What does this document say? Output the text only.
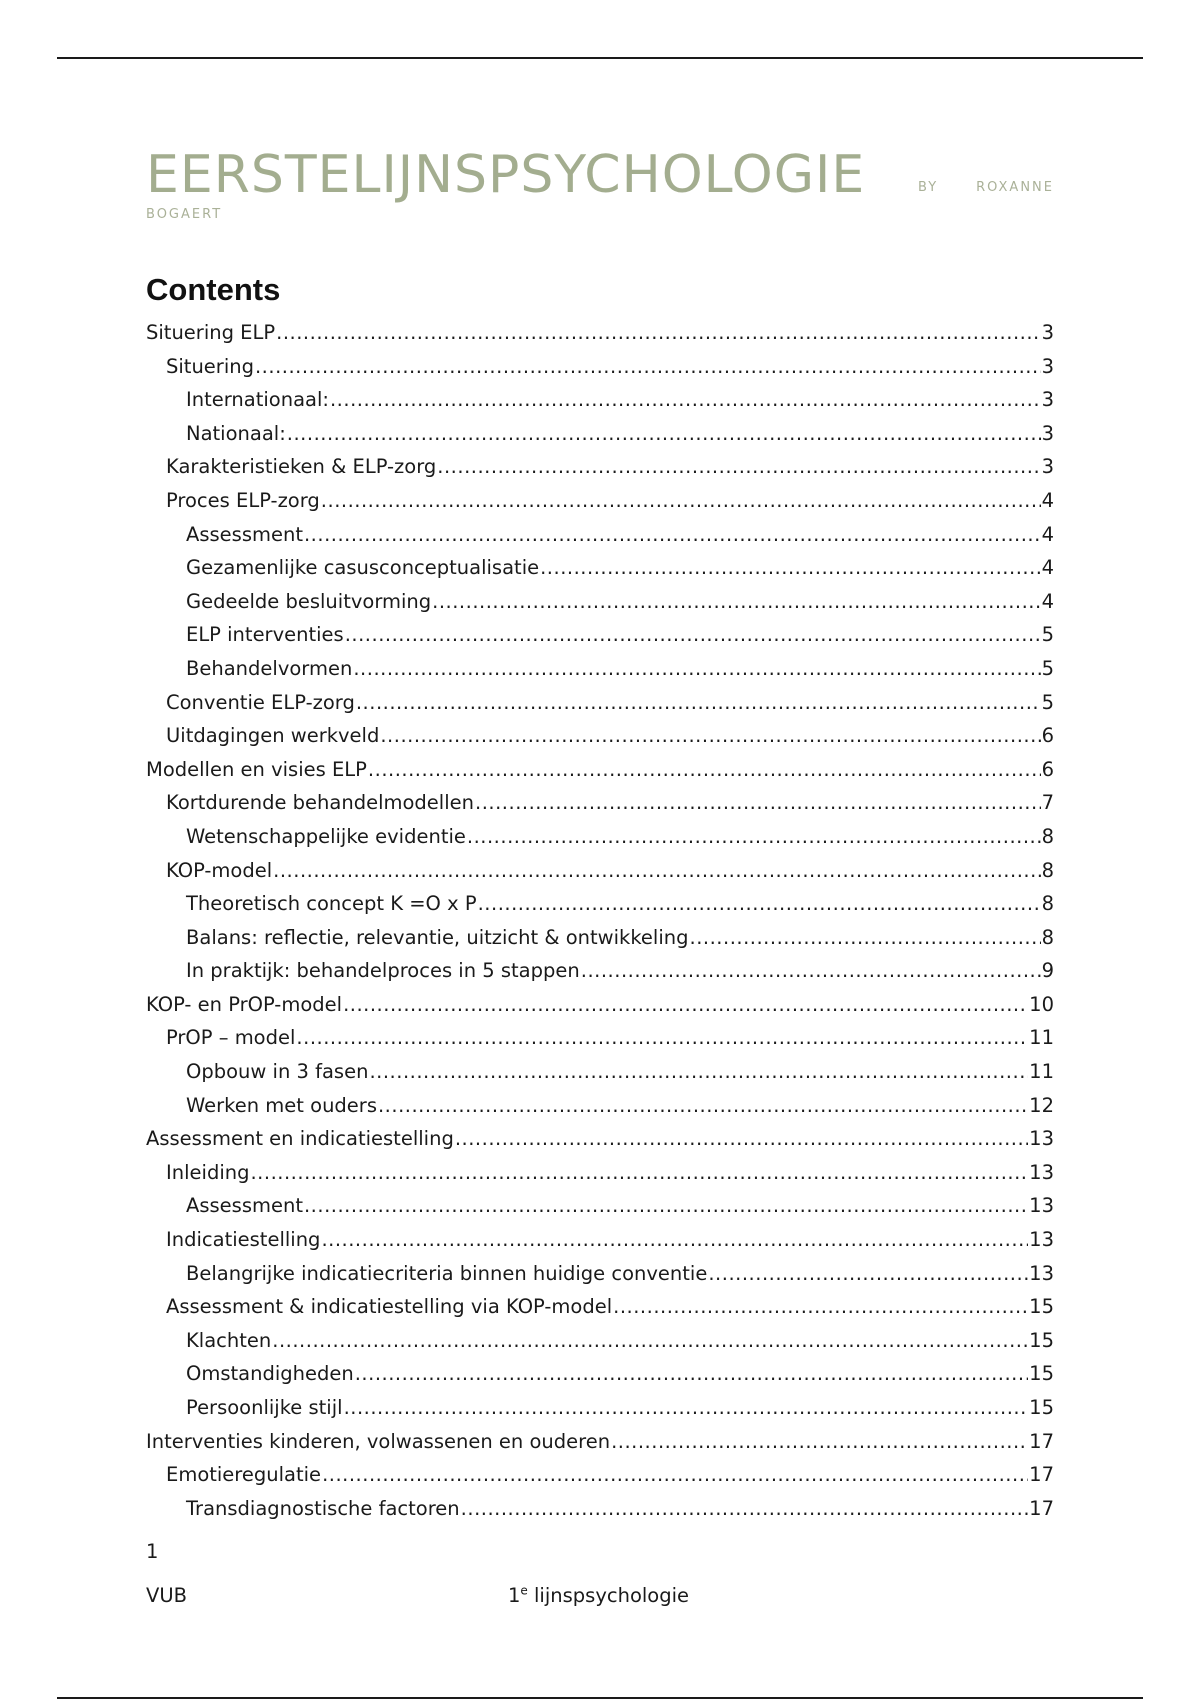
EERSTELIJNSPSYCHOLOGIE	BY	ROXANNE
BOGAERT
Contents
Situering ELP .....	3
Situering .....	3
Internationaal: .....	3
Nationaal: .....	3
Karakteristieken & ELP-zorg .....	3
Proces ELP-zorg .....	4
Assessment .....	4
Gezamenlijke casusconceptualisatie .....	4
Gedeelde besluitvorming .....	4
ELP interventies .....	5
Behandelvormen .....	5
Conventie ELP-zorg .....	5
Uitdagingen werkveld .....	6
Modellen en visies ELP .....	6
Kortdurende behandelmodellen .....	7
Wetenschappelijke evidentie .....	8
KOP-model .....	8
Theoretisch concept K =O x P .....	8
Balans: reflectie, relevantie, uitzicht & ontwikkeling .....	8
In praktijk: behandelproces in 5 stappen .....	9
KOP- en PrOP-model .....	10
PrOP – model .....	11
Opbouw in 3 fasen .....	11
Werken met ouders .....	12
Assessment en indicatiestelling .....	13
Inleiding .....	13
Assessment .....	13
Indicatiestelling .....	13
Belangrijke indicatiecriteria binnen huidige conventie .....	13
Assessment & indicatiestelling via KOP-model .....	15
Klachten .....	15
Omstandigheden .....	15
Persoonlijke stijl .....	15
Interventies kinderen, volwassenen en ouderen .....	17
Emotieregulatie .....	17
Transdiagnostische factoren .....	17
1
VUB	1e lijnspsychologie
